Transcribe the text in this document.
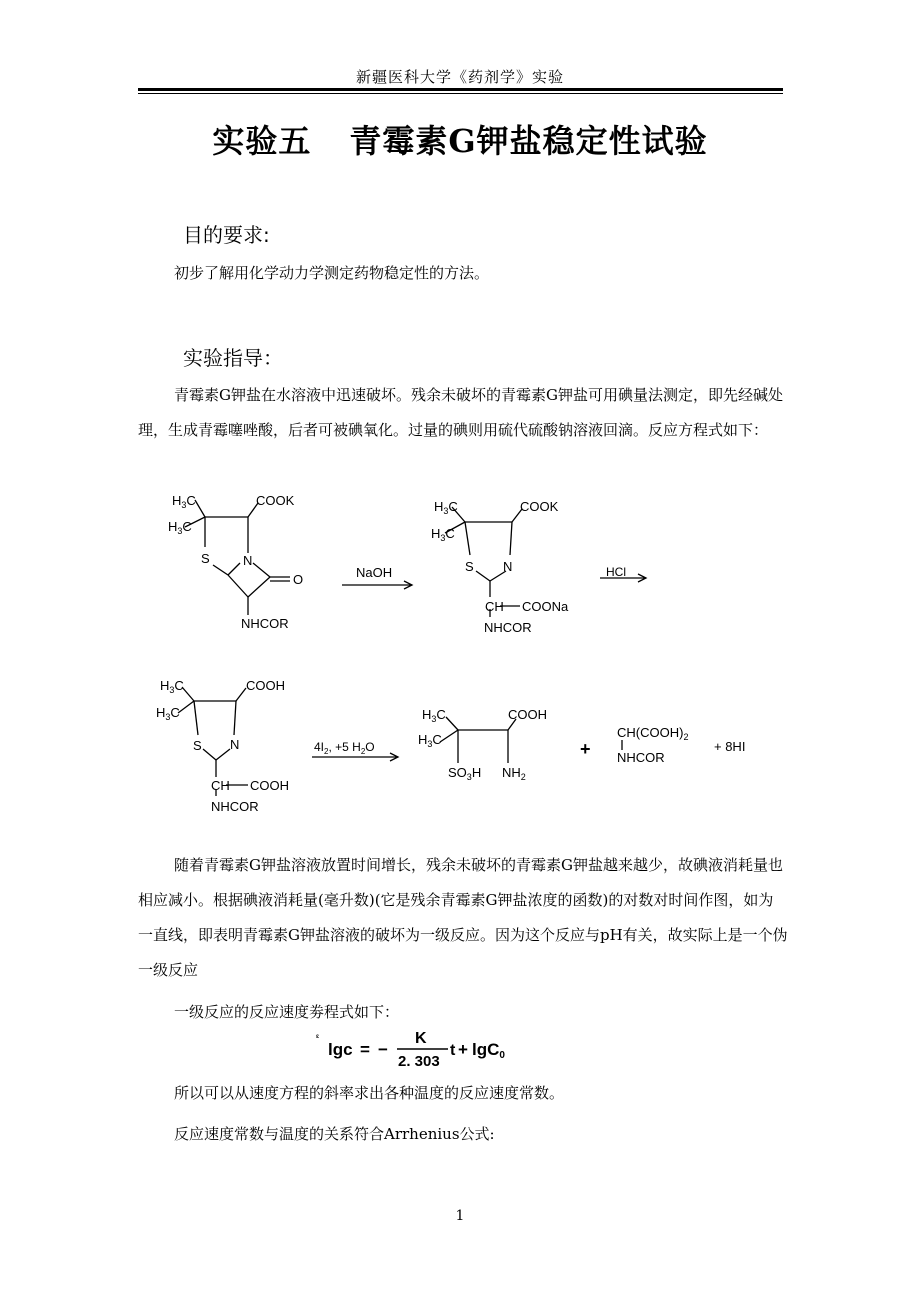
新疆医科大学《药剂学》实验
实验五 青霉素G钾盐稳定性试验
目的要求:
初步了解用化学动力学测定药物稳定性的方法。
实验指导：
青霉素G钾盐在水溶液中迅速破坏。残余未破坏的青霉素G钾盐可用碘量法测定，即先经碱处理，生成青霉噻唑酸，后者可被碘氧化。过量的碘则用硫代硫酸钠溶液回滴。反应方程式如下：
$H_3C$
$H_3C$
COOK
S	N
O
NHCOR
NaOH
$H_3C$
$H_3C$
COOK
S N
CH COONa
NHCOR
HCl
$H_3C$
$H_3C$
COOH
S N
CH COOH
NHCOR
$4I_2$, +5 $H_2O$
$H_3C$
$H_3C$
COOH
$SO_3H$ $NH_2$
+
$CH(COOH)_2$
NHCOR
+ 8HI
随着青霉素G钾盐溶液放置时间增长，残余未破坏的青霉素G钾盐越来越少，故碘液消耗量也相应减小。根据碘液消耗量(毫升数)(它是残余青霉素G钾盐浓度的函数)的对数对时间作图，如为一直线，即表明青霉素G钾盐溶液的破坏为一级反应。因为这个反应与pH有关，故实际上是一个伪一级反应
一级反应的反应速度劵程式如下：
ᵋ
lgc = −
K
2. 303
t + lgC0
所以可以从速度方程的斜率求出各种温度的反应速度常数。
反应速度常数与温度的关系符合Arrhenius公式:
1
